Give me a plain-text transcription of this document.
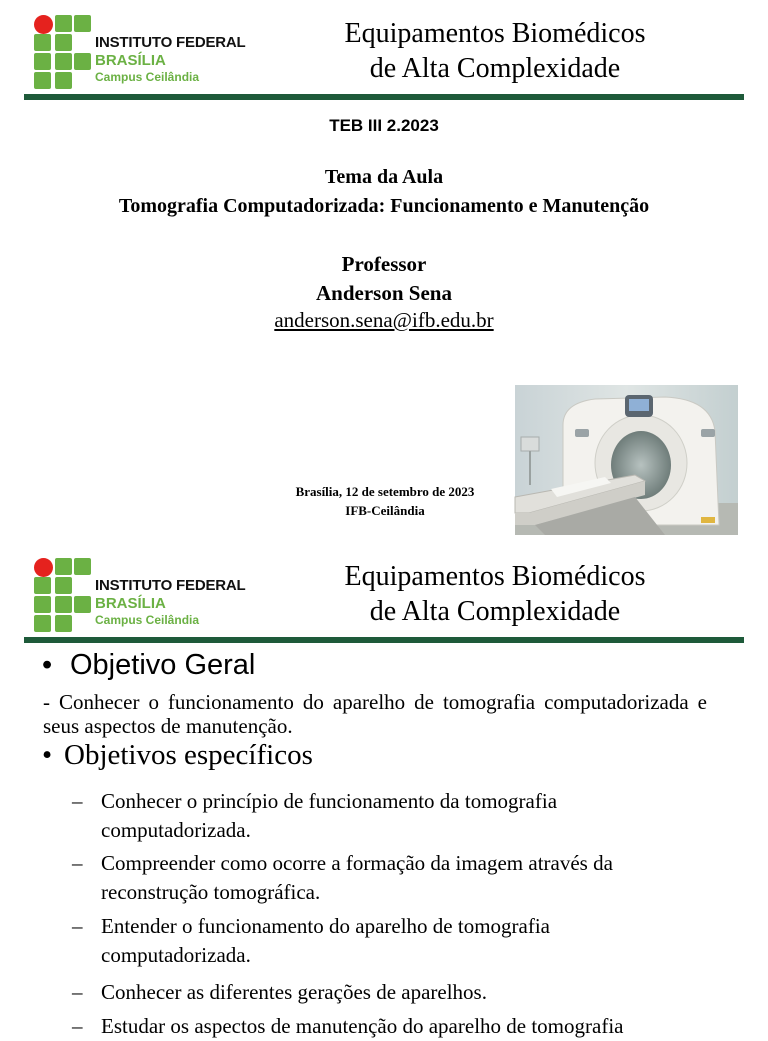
INSTITUTO FEDERAL
BRASÍLIA
Campus Ceilândia
Equipamentos Biomédicos
de Alta Complexidade
TEB III 2.2023
Tema da Aula
Tomografia Computadorizada: Funcionamento e Manutenção
Professor
Anderson Sena
anderson.sena@ifb.edu.br
Brasília, 12 de setembro de 2023
IFB-Ceilândia
INSTITUTO FEDERAL
BRASÍLIA
Campus Ceilândia
Equipamentos Biomédicos
de Alta Complexidade
• Objetivo Geral
- Conhecer o funcionamento do aparelho de tomografia computadorizada e seus aspectos de manutenção.
• Objetivos específicos
– Conhecer o princípio de funcionamento da tomografia computadorizada.
– Compreender como ocorre a formação da imagem através da reconstrução tomográfica.
– Entender o funcionamento do aparelho de tomografia computadorizada.
– Conhecer as diferentes gerações de aparelhos.
– Estudar os aspectos de manutenção do aparelho de tomografia
